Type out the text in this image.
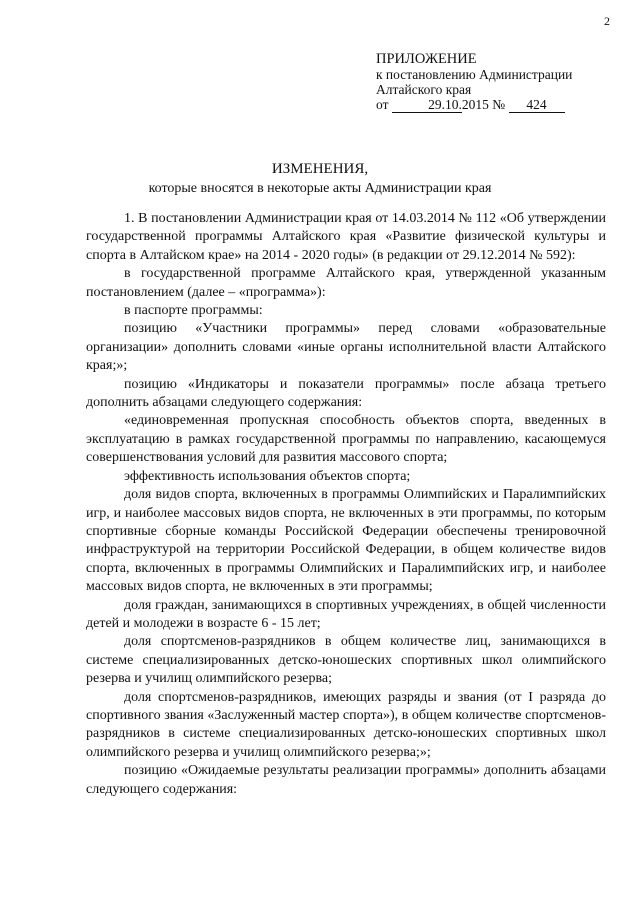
2
ПРИЛОЖЕНИЕ
к постановлению Администрации
Алтайского края
от	29.10.2015 № 424
ИЗМЕНЕНИЯ,
которые вносятся в некоторые акты Администрации края

1. В постановлении Администрации края от 14.03.2014 № 112 «Об утверждении государственной программы Алтайского края «Развитие физической культуры и спорта в Алтайском крае» на 2014 - 2020 годы» (в редакции от 29.12.2014 № 592):

в государственной программе Алтайского края, утвержденной указанным постановлением (далее – «программа»):

в паспорте программы:

позицию «Участники программы» перед словами «образовательные организации» дополнить словами «иные органы исполнительной власти Алтайского края;»;

позицию «Индикаторы и показатели программы» после абзаца третьего дополнить абзацами следующего содержания:

«единовременная пропускная способность объектов спорта, введенных в эксплуатацию в рамках государственной программы по направлению, касающемуся совершенствования условий для развития массового спорта;

эффективность использования объектов спорта;

доля видов спорта, включенных в программы Олимпийских и Паралимпийских игр, и наиболее массовых видов спорта, не включенных в эти программы, по которым спортивные сборные команды Российской Федерации обеспечены тренировочной инфраструктурой на территории Российской Федерации, в общем количестве видов спорта, включенных в программы Олимпийских и Паралимпийских игр, и наиболее массовых видов спорта, не включенных в эти программы;

доля граждан, занимающихся в спортивных учреждениях, в общей численности детей и молодежи в возрасте 6 - 15 лет;

доля спортсменов-разрядников в общем количестве лиц, занимающихся в системе специализированных детско-юношеских спортивных школ олимпийского резерва и училищ олимпийского резерва;

доля спортсменов-разрядников, имеющих разряды и звания (от I разряда до спортивного звания «Заслуженный мастер спорта»), в общем количестве спортсменов-разрядников в системе специализированных детско-юношеских спортивных школ олимпийского резерва и училищ олимпийского резерва;»;

позицию «Ожидаемые результаты реализации программы» дополнить абзацами следующего содержания:
